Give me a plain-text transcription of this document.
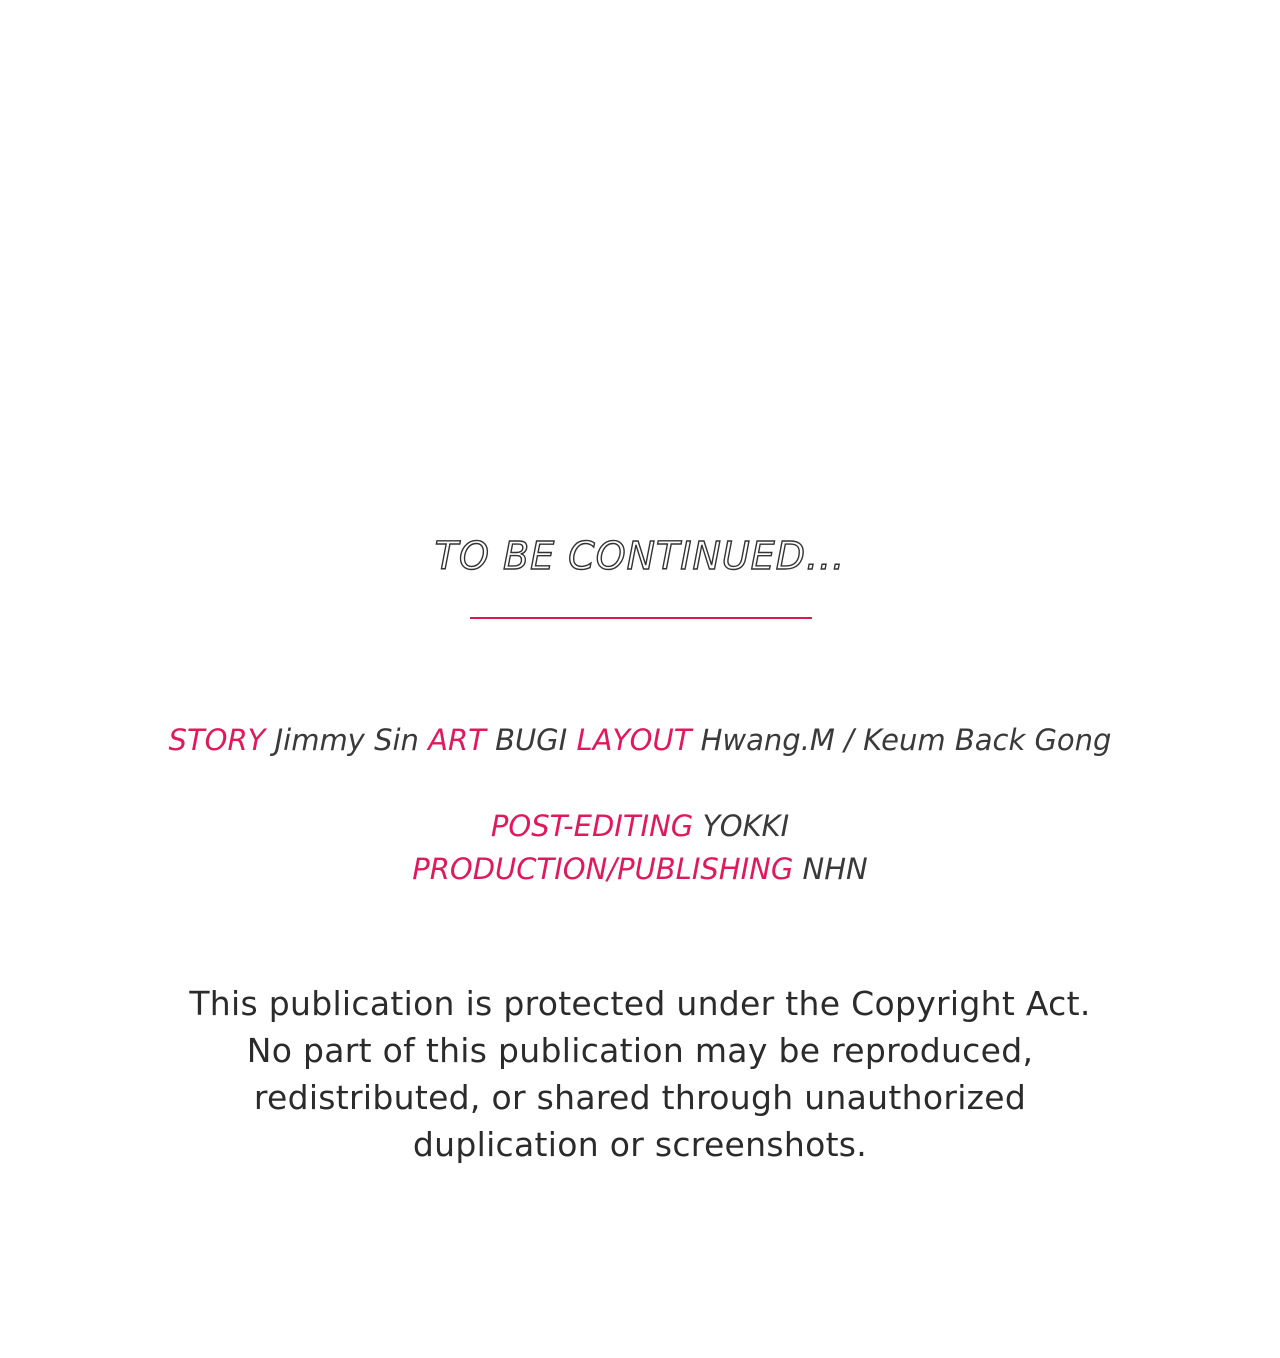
TO BE CONTINUED...
STORY Jimmy Sin ART BUGI LAYOUT Hwang.M / Keum Back Gong
POST-EDITING YOKKI
PRODUCTION/PUBLISHING NHN
This publication is protected under the Copyright Act.
No part of this publication may be reproduced,
redistributed, or shared through unauthorized
duplication or screenshots.
